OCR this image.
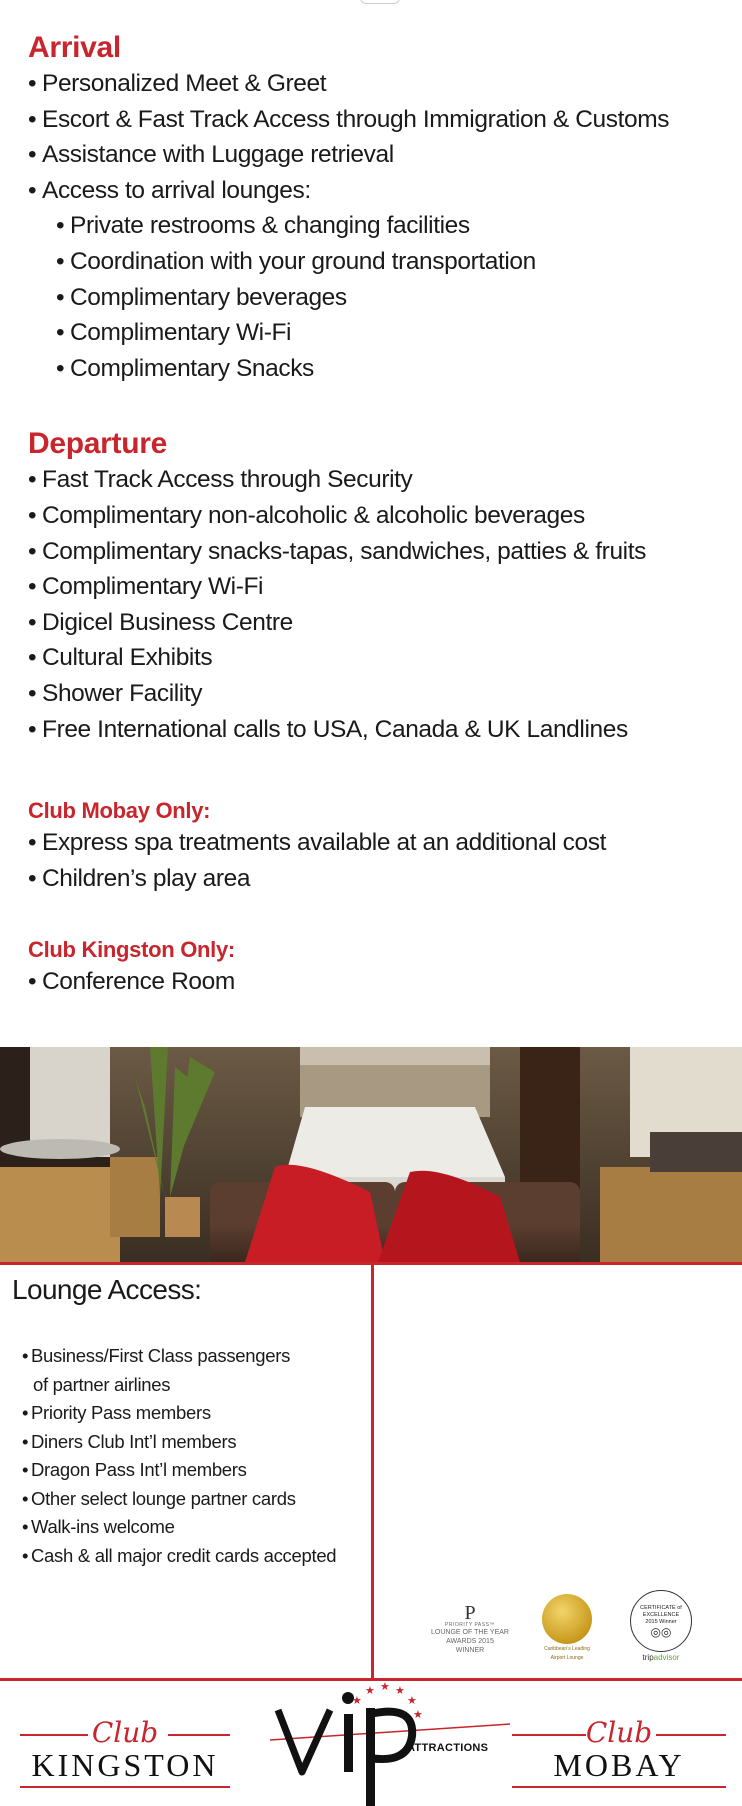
Arrival
• Personalized Meet & Greet
• Escort & Fast Track Access through Immigration & Customs
• Assistance with Luggage retrieval
• Access to arrival lounges:
• Private restrooms & changing facilities
• Coordination with your ground transportation
• Complimentary beverages
• Complimentary Wi-Fi
• Complimentary Snacks
Departure
• Fast Track Access through Security
• Complimentary non-alcoholic & alcoholic beverages
• Complimentary snacks-tapas, sandwiches, patties & fruits
• Complimentary Wi-Fi
• Digicel Business Centre
• Cultural Exhibits
• Shower Facility
• Free International calls to USA, Canada & UK Landlines
Club Mobay Only:
• Express spa treatments available at an additional cost
• Children’s play area
Club Kingston Only:
• Conference Room
Lounge Access:
• Business/First Class passengers
of partner airlines
• Priority Pass members
• Diners Club Int’l members
• Dragon Pass Int’l members
• Other select lounge partner cards
• Walk-ins welcome
• Cash & all major credit cards accepted
P
PRIORITY PASS™
LOUNGE OF THE YEAR
AWARDS 2015
WINNER	Caribbean’s Leading
Airport Lounge
CERTIFICATE of
EXCELLENCE
2015 Winner
◎◎
tripadvisor
Club
KINGSTON
★
★ ★ ★
★
★
ATTRACTIONS	Club
MOBAY
